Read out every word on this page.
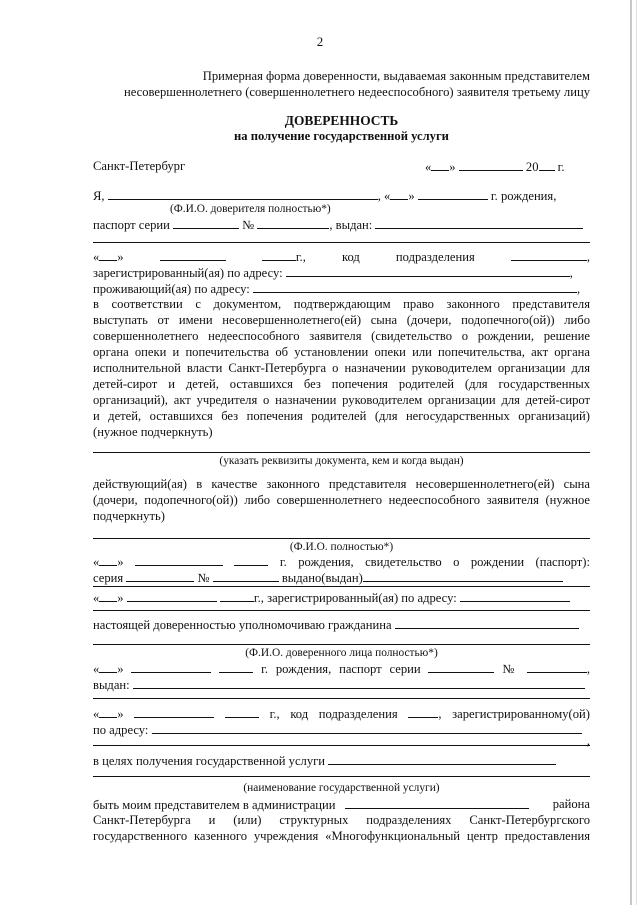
2
Примерная форма доверенности, выдаваемая законным представителем
несовершеннолетнего (совершеннолетнего недееспособного) заявителя третьему лицу
ДОВЕРЕННОСТЬ
на получение государственной услуги
Санкт-Петербург	« »	20 г.
Я,	, « »	г. рождения,
(Ф.И.О. доверителя полностью*)
паспорт серии	№	, выдан:
« »	г.,	код	подразделения	,
зарегистрированный(ая) по адресу:	,
проживающий(ая) по адресу:	,
в соответствии с документом, подтверждающим право законного представителя
выступать от имени несовершеннолетнего(ей) сына (дочери, подопечного(ой)) либо
совершеннолетнего недееспособного заявителя (свидетельство о рождении, решение
органа опеки и попечительства об установлении опеки или попечительства, акт органа
исполнительной власти Санкт-Петербурга о назначении руководителем организации для
детей-сирот и детей, оставшихся без попечения родителей (для государственных
организаций), акт учредителя о назначении руководителем организации для детей-сирот
и детей, оставшихся без попечения родителей (для негосударственных организаций)
(нужное подчеркнуть)
(указать реквизиты документа, кем и когда выдан)
действующий(ая) в качестве законного представителя несовершеннолетнего(ей) сына
(дочери, подопечного(ой)) либо совершеннолетнего недееспособного заявителя (нужное
подчеркнуть)
(Ф.И.О. полностью*)
« »	г. рождения, свидетельство о рождении (паспорт):
серия	№	выдано(выдан)
« »	г., зарегистрированный(ая) по адресу:
настоящей доверенностью уполномочиваю гражданина
(Ф.И.О. доверенного лица полностью*)
« »	г. рождения, паспорт серии	№	,
выдан:
« »	г., код подразделения	, зарегистрированному(ой)
по адресу:
,
в целях получения государственной услуги
(наименование государственной услуги)
быть моим представителем в администрации	района
Санкт-Петербурга и (или) структурных подразделениях Санкт-Петербургского
государственного казенного учреждения «Многофункциональный центр предоставления
